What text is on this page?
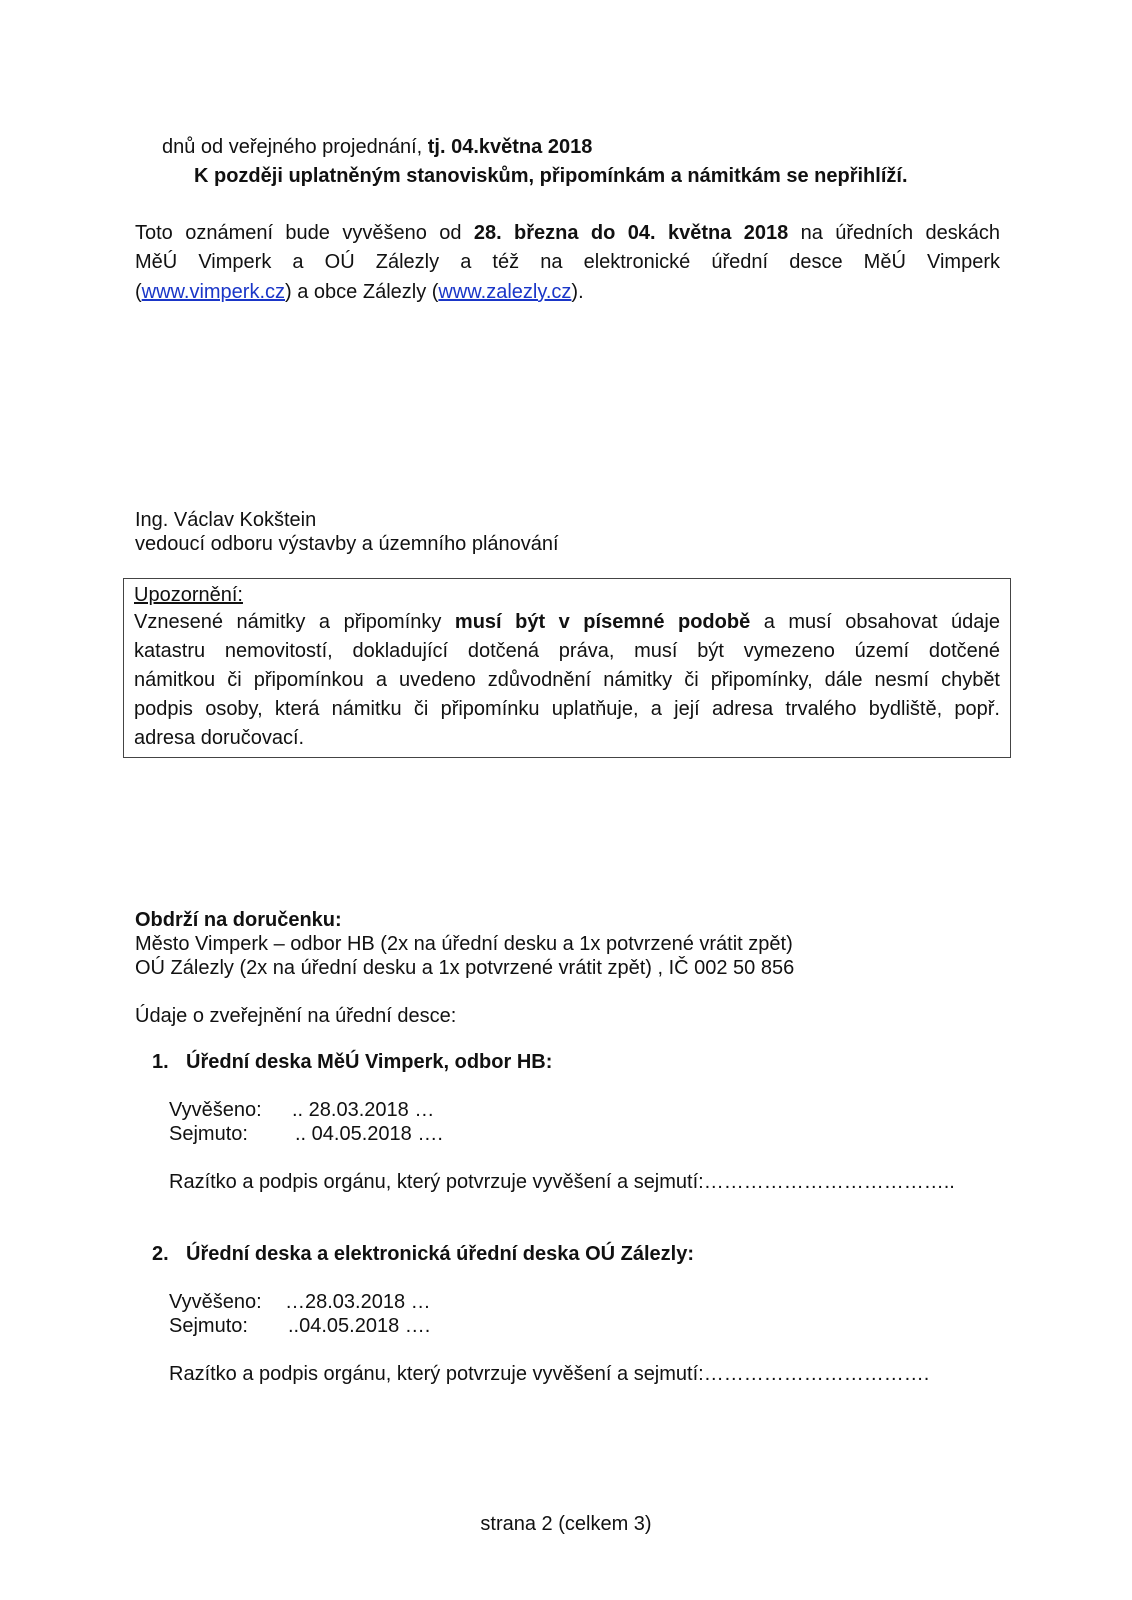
dnů od veřejného projednání, tj. 04.května 2018
K později uplatněným stanoviskům, připomínkám a námitkám se nepřihlíží.
Toto oznámení bude vyvěšeno od 28. března do 04. května 2018 na úředních deskách
MěÚ Vimperk a OÚ Zálezly a též na elektronické úřední desce MěÚ Vimperk
(www.vimperk.cz) a obce Zálezly (www.zalezly.cz).
Ing. Václav Kokštein
vedoucí odboru výstavby a územního plánování
Upozornění:
Vznesené námitky a připomínky musí být v písemné podobě a musí obsahovat údaje
katastru nemovitostí, dokladující dotčená práva, musí být vymezeno území dotčené
námitkou či připomínkou a uvedeno zdůvodnění námitky či připomínky, dále nesmí chybět
podpis osoby, která námitku či připomínku uplatňuje, a její adresa trvalého bydliště, popř.
adresa doručovací.
Obdrží na doručenku:
Město Vimperk – odbor HB (2x na úřední desku a 1x potvrzené vrátit zpět)
OÚ Zálezly (2x na úřední desku a 1x potvrzené vrátit zpět) , IČ 002 50 856
Údaje o zveřejnění na úřední desce:
1. Úřední deska MěÚ Vimperk, odbor HB:
Vyvěšeno: .. 28.03.2018 …
Sejmuto: .. 04.05.2018 ….
Razítko a podpis orgánu, který potvrzuje vyvěšení a sejmutí:………………………………..
2. Úřední deska a elektronická úřední deska OÚ Zálezly:
Vyvěšeno: …28.03.2018 …
Sejmuto: ..04.05.2018 ….
Razítko a podpis orgánu, který potvrzuje vyvěšení a sejmutí:…………………………….
strana 2 (celkem 3)
